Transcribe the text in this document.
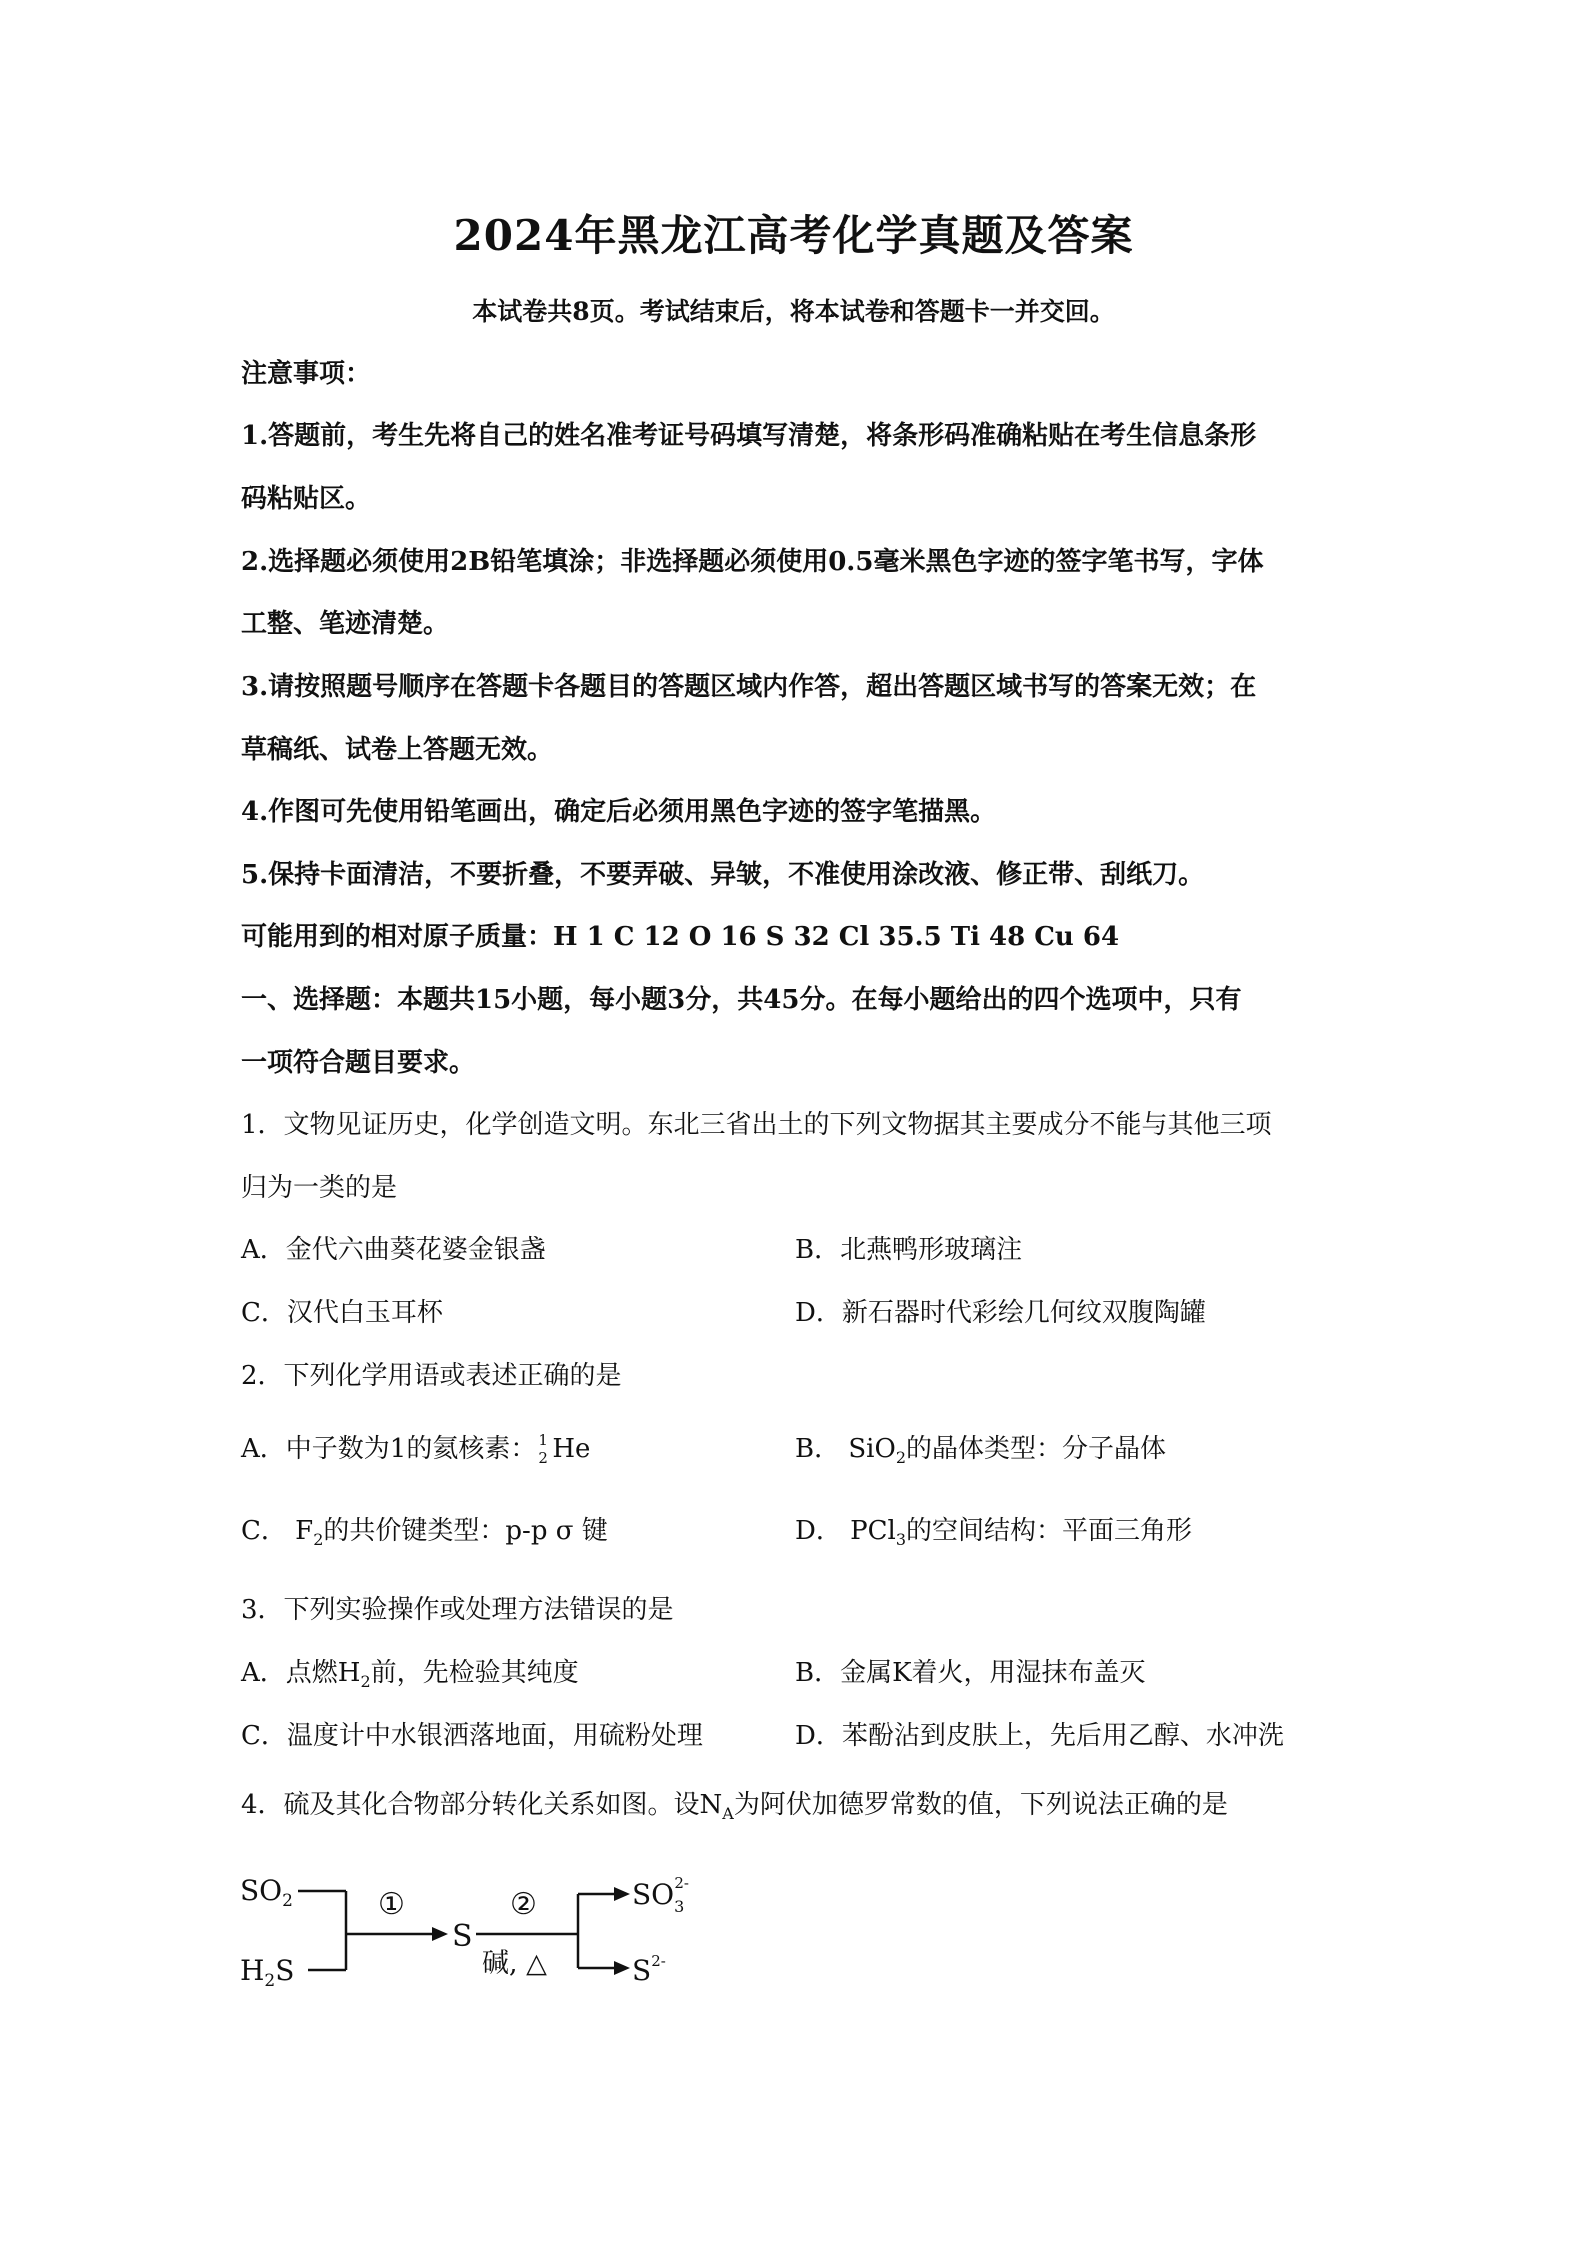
2024年黑龙江高考化学真题及答案
本试卷共8页。考试结束后，将本试卷和答题卡一并交回。
注意事项：
1.答题前，考生先将自己的姓名准考证号码填写清楚，将条形码准确粘贴在考生信息条形
码粘贴区。
2.选择题必须使用2B铅笔填涂；非选择题必须使用0.5毫米黑色字迹的签字笔书写，字体
工整、笔迹清楚。
3.请按照题号顺序在答题卡各题目的答题区域内作答，超出答题区域书写的答案无效；在
草稿纸、试卷上答题无效。
4.作图可先使用铅笔画出，确定后必须用黑色字迹的签字笔描黑。
5.保持卡面清洁，不要折叠，不要弄破、异皱，不准使用涂改液、修正带、刮纸刀。
可能用到的相对原子质量：H 1 C 12 O 16 S 32 Cl 35.5 Ti 48 Cu 64
一、选择题：本题共15小题，每小题3分，共45分。在每小题给出的四个选项中，只有
一项符合题目要求。
1．文物见证历史，化学创造文明。东北三省出土的下列文物据其主要成分不能与其他三项
归为一类的是
A．金代六曲葵花婆金银盏	B．北燕鸭形玻璃注
C．汉代白玉耳杯	D．新石器时代彩绘几何纹双腹陶罐
2．下列化学用语或表述正确的是
A．中子数为1的氦核素： 1
2 He	B． SiO$_2$的晶体类型：分子晶体
C． $F_2$的共价键类型：p-p σ 键	D． PCl$_3$的空间结构：平面三角形
3．下列实验操作或处理方法错误的是
A．点燃$H_2$前，先检验其纯度	B．金属K着火，用湿抹布盖灭
C．温度计中水银洒落地面，用硫粉处理	D．苯酚沾到皮肤上，先后用乙醇、水冲洗
4．硫及其化合物部分转化关系如图。设$N_A$为阿伏加德罗常数的值，下列说法正确的是
$SO_2$
$H_2S$
①
S
②
碱, △
$SO_32-$
$S^{2-}$
